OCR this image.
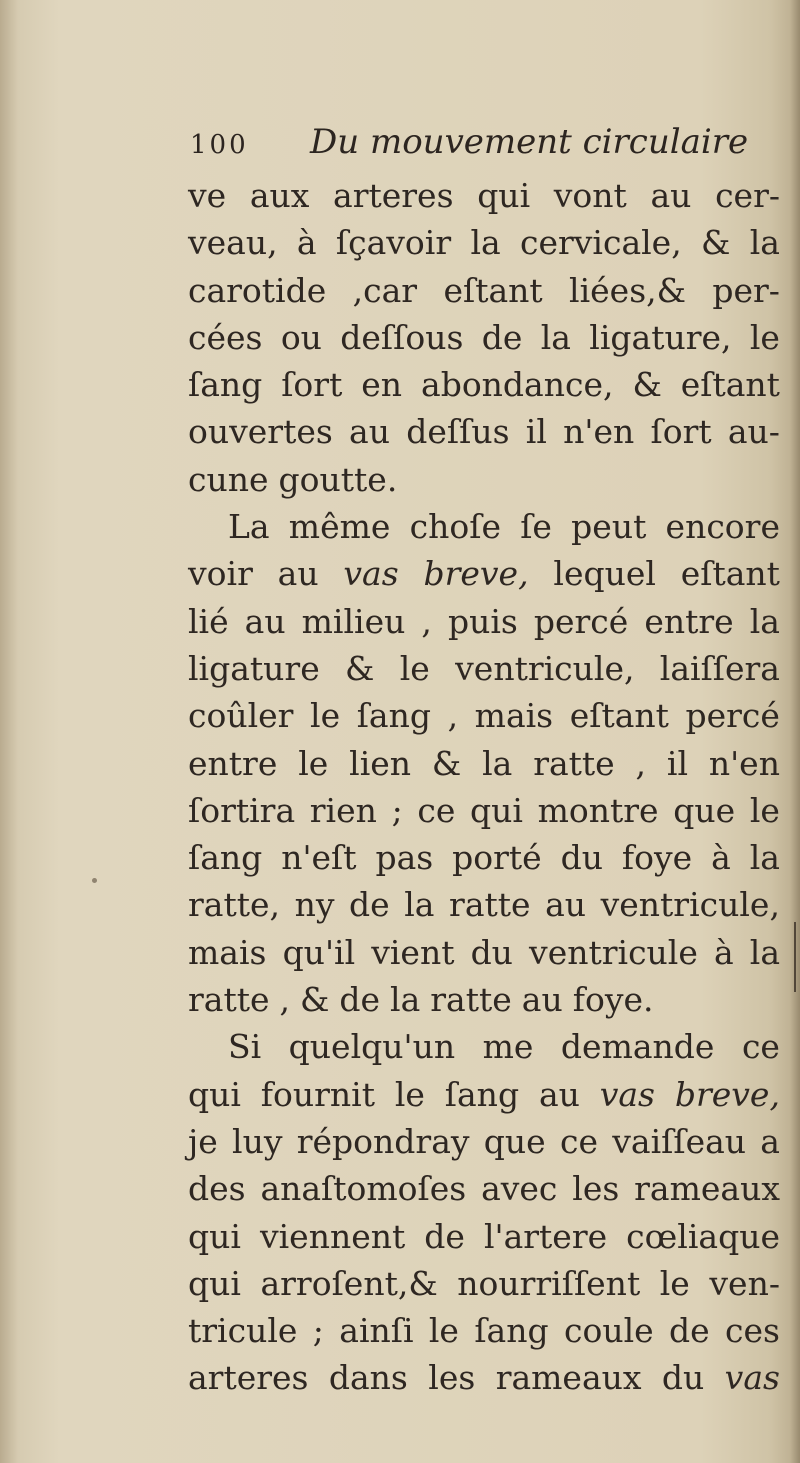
100 Du mouvement circulaire
ve aux arteres qui vont au cer-
veau, à ſçavoir la cervicale, & la
carotide ,car eſtant liées,& per-
cées ou deſſous de la ligature, le
ſang ſort en abondance, & eſtant
ouvertes au deſſus il n'en ſort au-
cune goutte.
La même choſe ſe peut encore
voir au vas breve, lequel eſtant
lié au milieu , puis percé entre la
ligature & le ventricule, laiſſera
coûler le ſang , mais eſtant percé
entre le lien & la ratte , il n'en
ſortira rien ; ce qui montre que le
ſang n'eſt pas porté du foye à la
ratte, ny de la ratte au ventricule,
mais qu'il vient du ventricule à la
ratte , & de la ratte au foye.
Si quelqu'un me demande ce
qui fournit le ſang au vas breve,
je luy répondray que ce vaiſſeau a
des anaſtomoſes avec les rameaux
qui viennent de l'artere cœliaque
qui arroſent,& nourriſſent le ven-
tricule ; ainſi le ſang coule de ces
arteres dans les rameaux du vas
